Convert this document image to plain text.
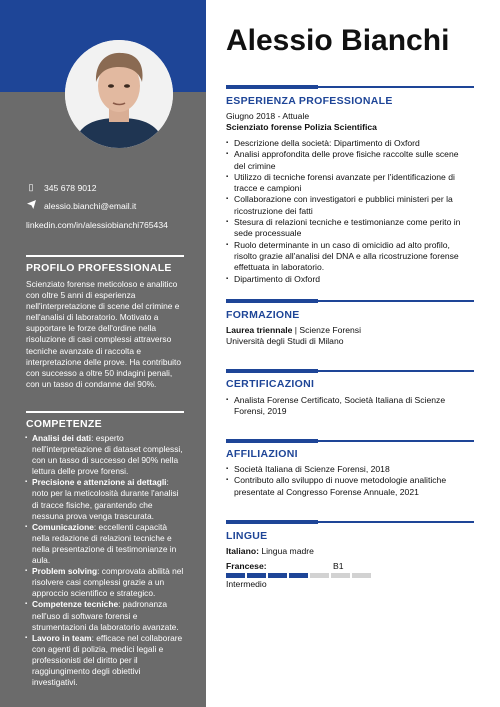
▯ 345 678 9012
alessio.bianchi@email.it
linkedin.com/in/alessiobianchi765434
PROFILO PROFESSIONALE

Scienziato forense meticoloso e analitico con oltre 5 anni di esperienza nell'interpretazione di scene del crimine e nell'analisi di laboratorio. Motivato a supportare le forze dell'ordine nella risoluzione di casi complessi attraverso tecniche avanzate di raccolta e interpretazione delle prove. Ha contribuito con successo a oltre 50 indagini penali, con un tasso di condanne del 90%.

COMPETENZE
▪ Analisi dei dati: esperto nell'interpretazione di dataset complessi, con un tasso di successo del 90% nella lettura delle prove forensi.
▪ Precisione e attenzione ai dettagli: noto per la meticolosità durante l'analisi di tracce fisiche, garantendo che nessuna prova venga trascurata.
▪ Comunicazione: eccellenti capacità nella redazione di relazioni tecniche e nella presentazione di testimonianze in aula.
▪ Problem solving: comprovata abilità nel risolvere casi complessi grazie a un approccio scientifico e strategico.
▪ Competenze tecniche: padronanza nell'uso di software forensi e strumentazioni da laboratorio avanzate.
▪ Lavoro in team: efficace nel collaborare con agenti di polizia, medici legali e professionisti del diritto per il raggiungimento degli obiettivi investigativi.
Alessio Bianchi
ESPERIENZA PROFESSIONALE

Giugno 2018 - Attuale

Scienziato forense Polizia Scientifica

▪ Descrizione della società: Dipartimento di Oxford
▪ Analisi approfondita delle prove fisiche raccolte sulle scene del crimine
▪ Utilizzo di tecniche forensi avanzate per l'identificazione di tracce e campioni
▪ Collaborazione con investigatori e pubblici ministeri per la ricostruzione dei fatti
▪ Stesura di relazioni tecniche e testimonianze come perito in sede processuale
▪ Ruolo determinante in un caso di omicidio ad alto profilo, risolto grazie all'analisi del DNA e alla ricostruzione forense effettuata in laboratorio.
▪ Dipartimento di Oxford
FORMAZIONE

Laurea triennale | Scienze Forensi

Università degli Studi di Milano

CERTIFICAZIONI
▪ Analista Forense Certificato, Società Italiana di Scienze Forensi, 2019
AFFILIAZIONI
▪ Società Italiana di Scienze Forensi, 2018
▪ Contributo allo sviluppo di nuove metodologie analitiche presentate al Congresso Forense Annuale, 2021
LINGUE

Italiano: Lingua madre

Francese:	B1

Intermedio
